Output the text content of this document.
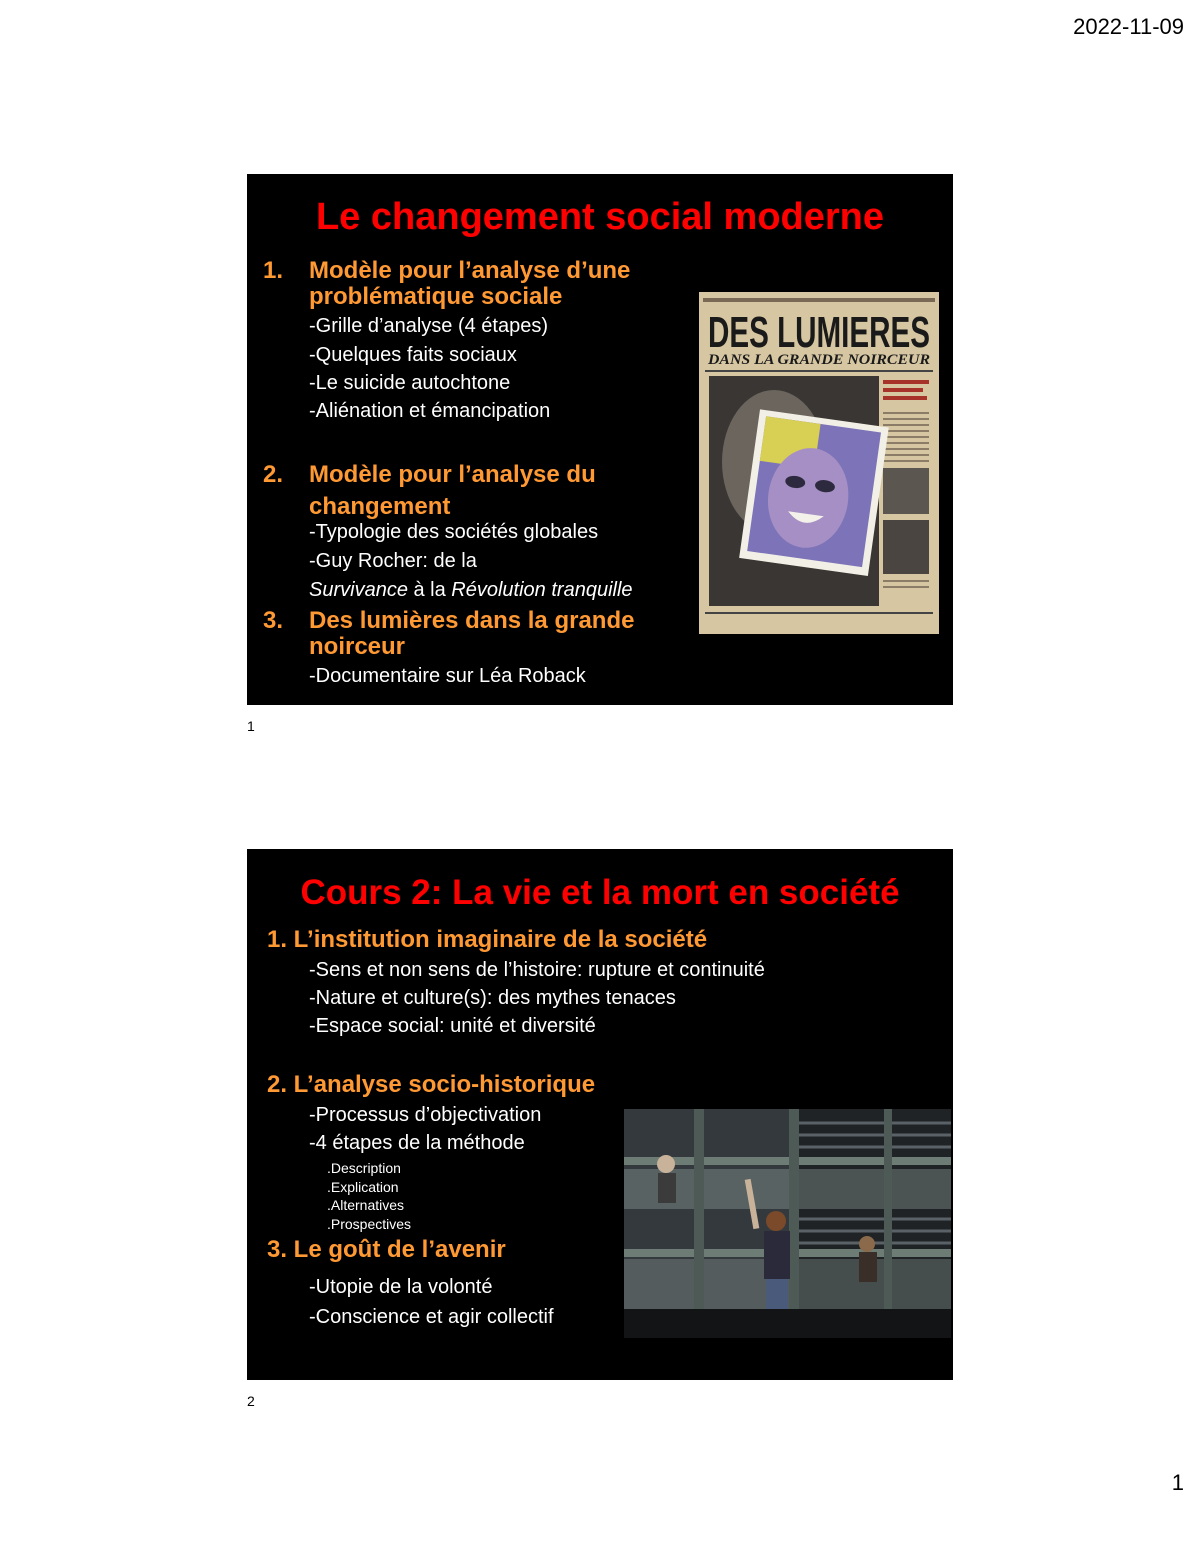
2022-11-09
Le changement social moderne
1. Modèle pour l’analyse d’une
problématique sociale
-Grille d’analyse (4 étapes)
-Quelques faits sociaux
-Le suicide autochtone
-Aliénation et émancipation
2. Modèle pour l’analyse du
changement
-Typologie des sociétés globales
-Guy Rocher: de la
Survivance à la Révolution tranquille
3. Des lumières dans la grande
noirceur
-Documentaire sur Léa Roback
DES LUMIERES
DANS LA GRANDE NOIRCEUR
1
Cours 2: La vie et la mort en société
1. L’institution imaginaire de la société
-Sens et non sens de l’histoire: rupture et continuité
-Nature et culture(s): des mythes tenaces
-Espace social: unité et diversité
2. L’analyse socio-historique
-Processus d’objectivation
-4 étapes de la méthode
.Description
.Explication
.Alternatives
.Prospectives
3. Le goût de l’avenir
-Utopie de la volonté
-Conscience et agir collectif
2
1
